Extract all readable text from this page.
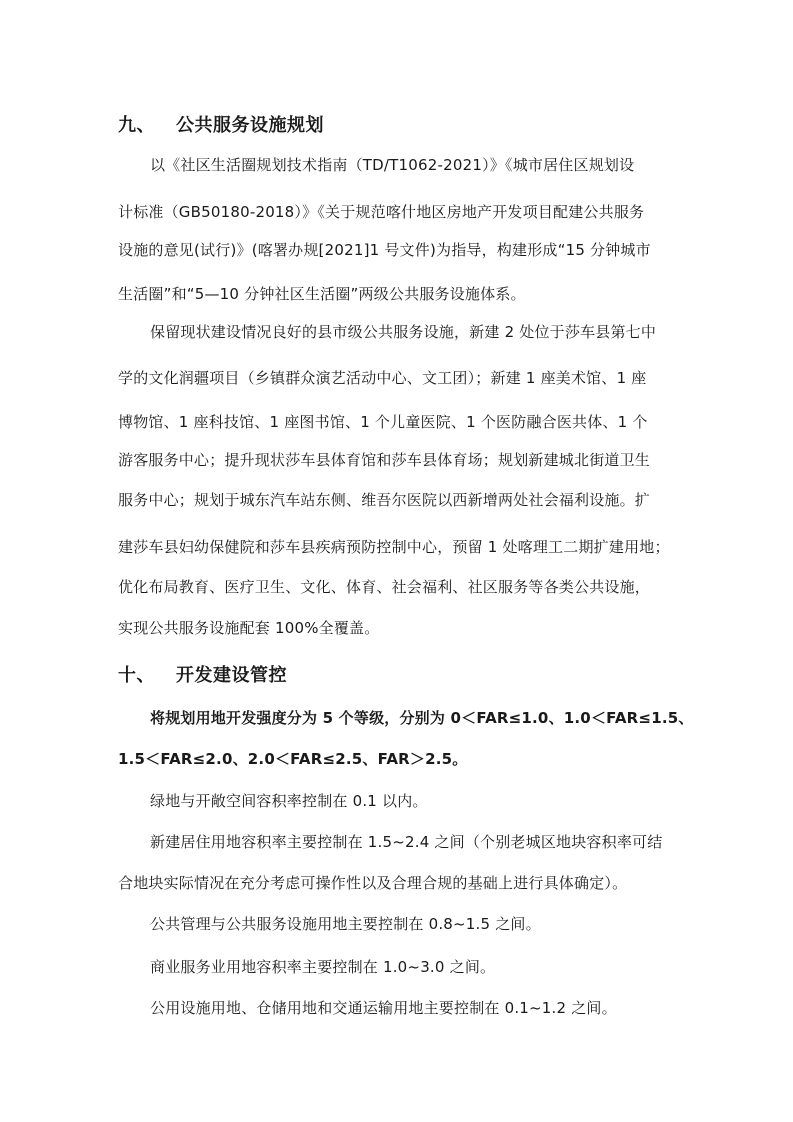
九、 公共服务设施规划
以《社区生活圈规划技术指南（TD/T1062-2021）》《城市居住区规划设
计标准（GB50180-2018）》《关于规范喀什地区房地产开发项目配建公共服务
设施的意见(试行)》(喀署办规[2021]1 号文件)为指导，构建形成“15 分钟城市
生活圈”和“5—10 分钟社区生活圈”两级公共服务设施体系。
保留现状建设情况良好的县市级公共服务设施，新建 2 处位于莎车县第七中
学的文化润疆项目（乡镇群众演艺活动中心、文工团）；新建 1 座美术馆、1 座
博物馆、1 座科技馆、1 座图书馆、1 个儿童医院、1 个医防融合医共体、1 个
游客服务中心；提升现状莎车县体育馆和莎车县体育场；规划新建城北街道卫生
服务中心；规划于城东汽车站东侧、维吾尔医院以西新增两处社会福利设施。扩
建莎车县妇幼保健院和莎车县疾病预防控制中心，预留 1 处喀理工二期扩建用地；
优化布局教育、医疗卫生、文化、体育、社会福利、社区服务等各类公共设施，
实现公共服务设施配套 100%全覆盖。
十、 开发建设管控
将规划用地开发强度分为 5 个等级，分别为 0＜FAR≤1.0、1.0＜FAR≤1.5、
1.5＜FAR≤2.0、2.0＜FAR≤2.5、FAR＞2.5。
绿地与开敞空间容积率控制在 0.1 以内。
新建居住用地容积率主要控制在 1.5~2.4 之间（个别老城区地块容积率可结
合地块实际情况在充分考虑可操作性以及合理合规的基础上进行具体确定）。
公共管理与公共服务设施用地主要控制在 0.8~1.5 之间。
商业服务业用地容积率主要控制在 1.0~3.0 之间。
公用设施用地、仓储用地和交通运输用地主要控制在 0.1~1.2 之间。
